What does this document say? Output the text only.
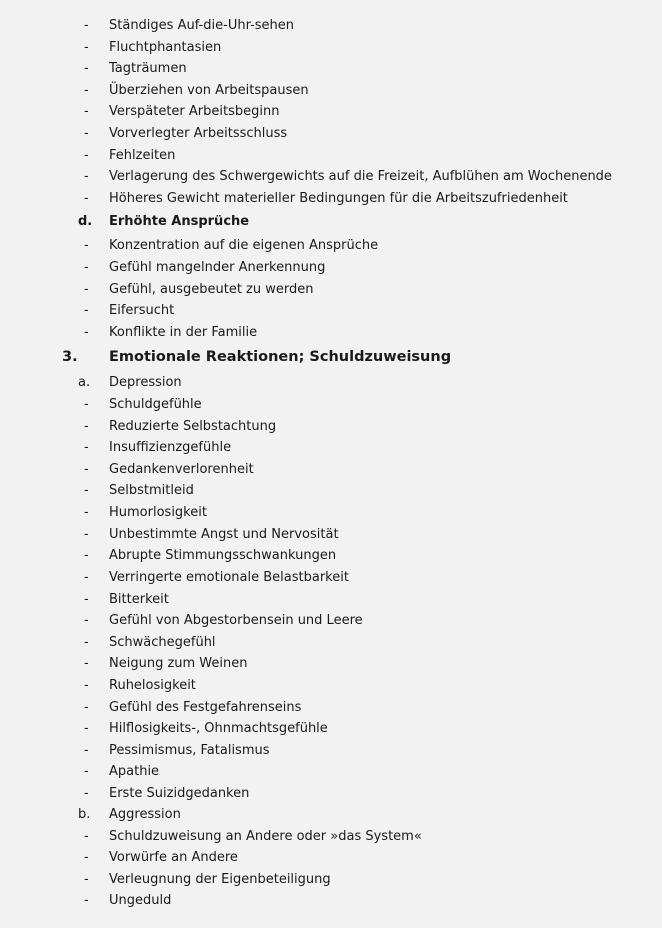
- Ständiges Auf-die-Uhr-sehen
- Fluchtphantasien
- Tagträumen
- Überziehen von Arbeitspausen
- Verspäteter Arbeitsbeginn
- Vorverlegter Arbeitsschluss
- Fehlzeiten
- Verlagerung des Schwergewichts auf die Freizeit, Aufblühen am Wochenende
- Höheres Gewicht materieller Bedingungen für die Arbeitszufriedenheit
d. Erhöhte Ansprüche
- Konzentration auf die eigenen Ansprüche
- Gefühl mangelnder Anerkennung
- Gefühl, ausgebeutet zu werden
- Eifersucht
- Konflikte in der Familie
3. Emotionale Reaktionen; Schuldzuweisung
a. Depression
- Schuldgefühle
- Reduzierte Selbstachtung
- Insuffizienzgefühle
- Gedankenverlorenheit
- Selbstmitleid
- Humorlosigkeit
- Unbestimmte Angst und Nervosität
- Abrupte Stimmungsschwankungen
- Verringerte emotionale Belastbarkeit
- Bitterkeit
- Gefühl von Abgestorbensein und Leere
- Schwächegefühl
- Neigung zum Weinen
- Ruhelosigkeit
- Gefühl des Festgefahrenseins
- Hilflosigkeits-, Ohnmachtsgefühle
- Pessimismus, Fatalismus
- Apathie
- Erste Suizidgedanken
b. Aggression
- Schuldzuweisung an Andere oder »das System«
- Vorwürfe an Andere
- Verleugnung der Eigenbeteiligung
- Ungeduld
